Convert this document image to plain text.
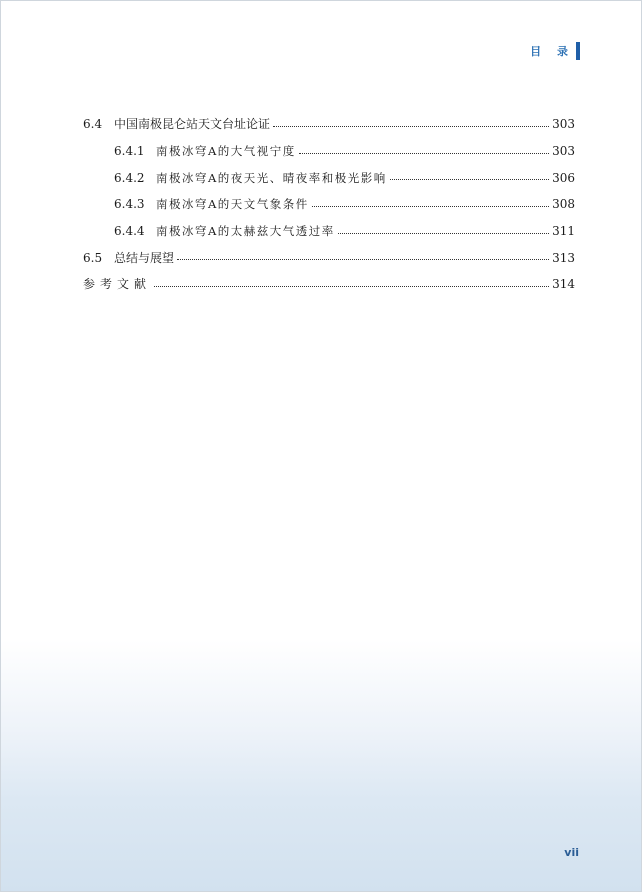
目 录
6.4 中国南极昆仑站天文台址论证	303
6.4.1 南极冰穹A的大气视宁度	303
6.4.2 南极冰穹A的夜天光、晴夜率和极光影响	306
6.4.3 南极冰穹A的天文气象条件	308
6.4.4 南极冰穹A的太赫兹大气透过率	311
6.5 总结与展望	313
参考文献	314
vii
